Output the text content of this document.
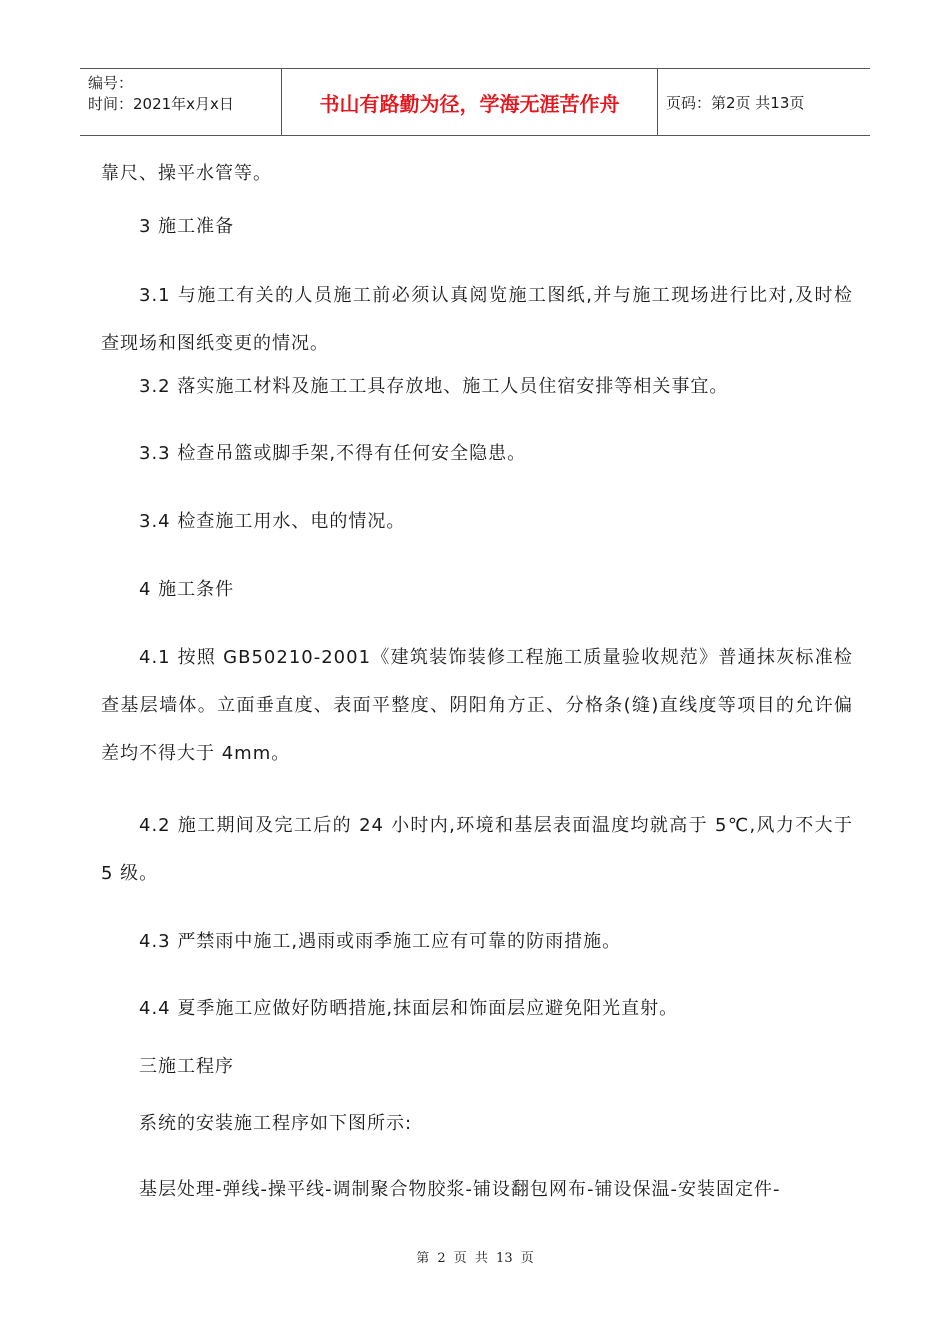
编号：
时间：2021年x月x日	书山有路勤为径，学海无涯苦作舟	页码：第2页 共13页

靠尺、操平水管等。

3 施工准备

3.1 与施工有关的人员施工前必须认真阅览施工图纸,并与施工现场进行比对,及时检查现场和图纸变更的情况。

3.2 落实施工材料及施工工具存放地、施工人员住宿安排等相关事宜。

3.3 检查吊篮或脚手架,不得有任何安全隐患。

3.4 检查施工用水、电的情况。

4 施工条件

4.1 按照 GB50210-2001《建筑装饰装修工程施工质量验收规范》普通抹灰标准检查基层墙体。立面垂直度、表面平整度、阴阳角方正、分格条(缝)直线度等项目的允许偏差均不得大于 4mm。

4.2 施工期间及完工后的 24 小时内,环境和基层表面温度均就高于 5℃,风力不大于 5 级。

4.3 严禁雨中施工,遇雨或雨季施工应有可靠的防雨措施。

4.4 夏季施工应做好防晒措施,抹面层和饰面层应避免阳光直射。

三施工程序

系统的安装施工程序如下图所示:

基层处理-弹线-操平线-调制聚合物胶浆-铺设翻包网布-铺设保温-安装固定件-

第 2 页 共 13 页
